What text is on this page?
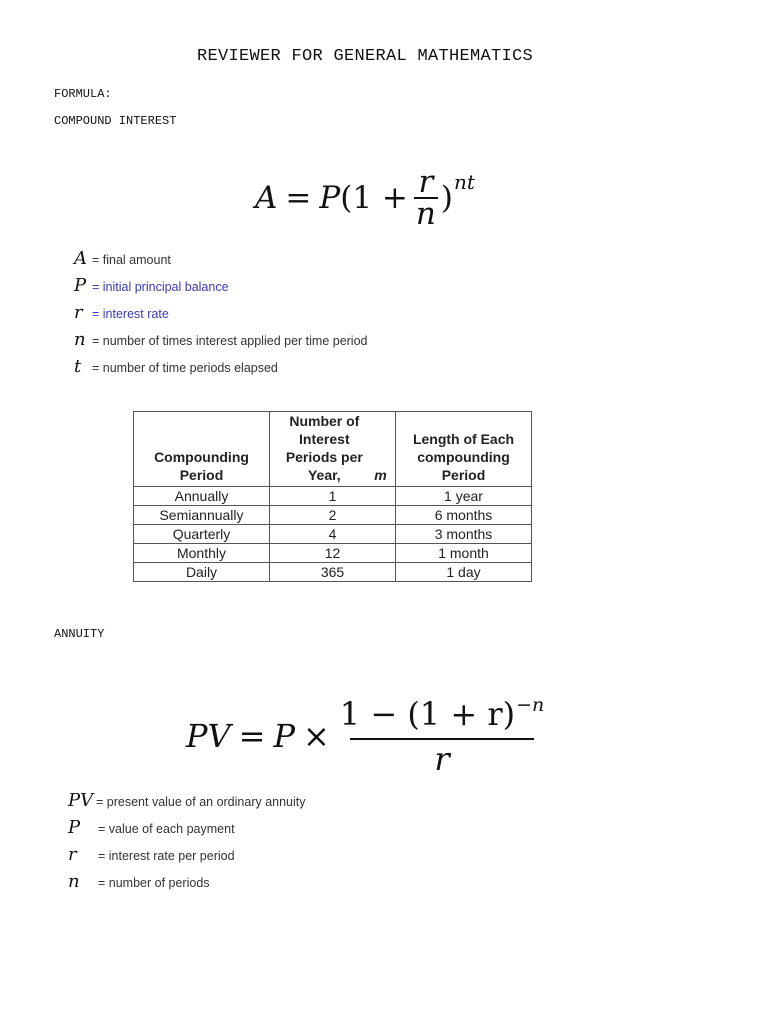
REVIEWER FOR GENERAL MATHEMATICS
FORMULA:
COMPOUND INTEREST
A = P (1 + r
n ) nt
A = final amount
P = initial principal balance
r = interest rate
n = number of times interest applied per time period
t = number of time periods elapsed
Compounding Period	Number of Interest Periods per Year, m	Length of Each compounding Period
Annually	1	1 year
Semiannually	2	6 months
Quarterly	4	3 months
Monthly	12	1 month
Daily	365	1 day
ANNUITY
PV = P ×
$1 - (1 + r)^{-n}$
r
PV = present value of an ordinary annuity
P	= value of each payment
r	= interest rate per period
n	= number of periods
